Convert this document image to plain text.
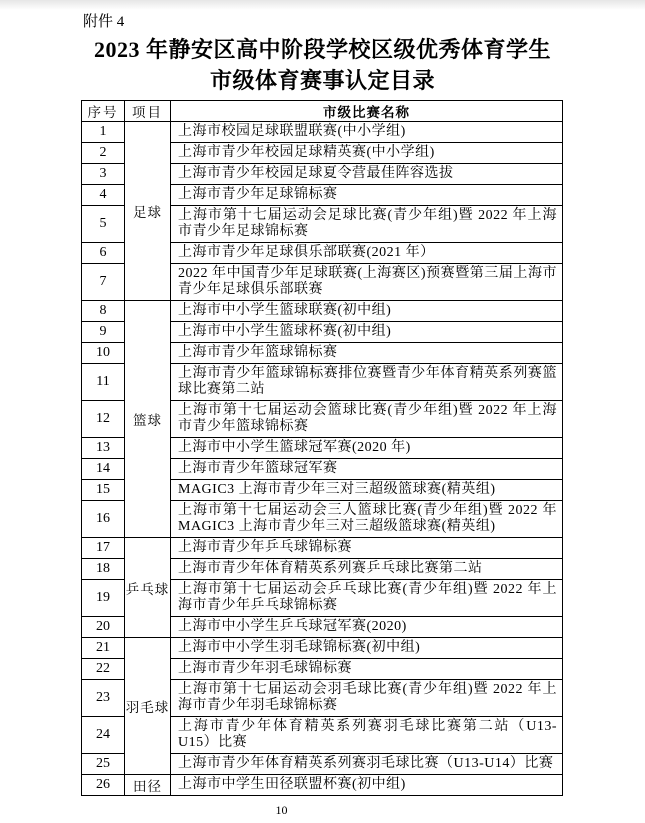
附件 4
2023 年静安区高中阶段学校区级优秀体育学生
市级体育赛事认定目录
序号	项目	市级比赛名称
1	足球	上海市校园足球联盟联赛(中小学组)
2		上海市青少年校园足球精英赛(中小学组)
3		上海市青少年校园足球夏令营最佳阵容选拔
4		上海市青少年足球锦标赛
5		上海市第十七届运动会足球比赛(青少年组)暨 2022 年上海市青少年足球锦标赛
6		上海市青少年足球俱乐部联赛(2021 年）
7		2022 年中国青少年足球联赛(上海赛区)预赛暨第三届上海市青少年足球俱乐部联赛
8	篮球	上海市中小学生篮球联赛(初中组)
9		上海市中小学生篮球杯赛(初中组)
10		上海市青少年篮球锦标赛
11		上海市青少年篮球锦标赛排位赛暨青少年体育精英系列赛篮球比赛第二站
12		上海市第十七届运动会篮球比赛(青少年组)暨 2022 年上海市青少年篮球锦标赛
13		上海市中小学生篮球冠军赛(2020 年)
14		上海市青少年篮球冠军赛
15		MAGIC3 上海市青少年三对三超级篮球赛(精英组)
16		上海市第十七届运动会三人篮球比赛(青少年组)暨 2022 年MAGIC3 上海市青少年三对三超级篮球赛(精英组)
17	乒乓球	上海市青少年乒乓球锦标赛
18		上海市青少年体育精英系列赛乒乓球比赛第二站
19		上海市第十七届运动会乒乓球比赛(青少年组)暨 2022 年上海市青少年乒乓球锦标赛
20		上海市中小学生乒乓球冠军赛(2020)
21	羽毛球	上海市中小学生羽毛球锦标赛(初中组)
22		上海市青少年羽毛球锦标赛
23		上海市第十七届运动会羽毛球比赛(青少年组)暨 2022 年上海市青少年羽毛球锦标赛
24		上海市青少年体育精英系列赛羽毛球比赛第二站（U13-U15）比赛
25		上海市青少年体育精英系列赛羽毛球比赛（U13-U14）比赛
26	田径	上海市中学生田径联盟杯赛(初中组)
10
